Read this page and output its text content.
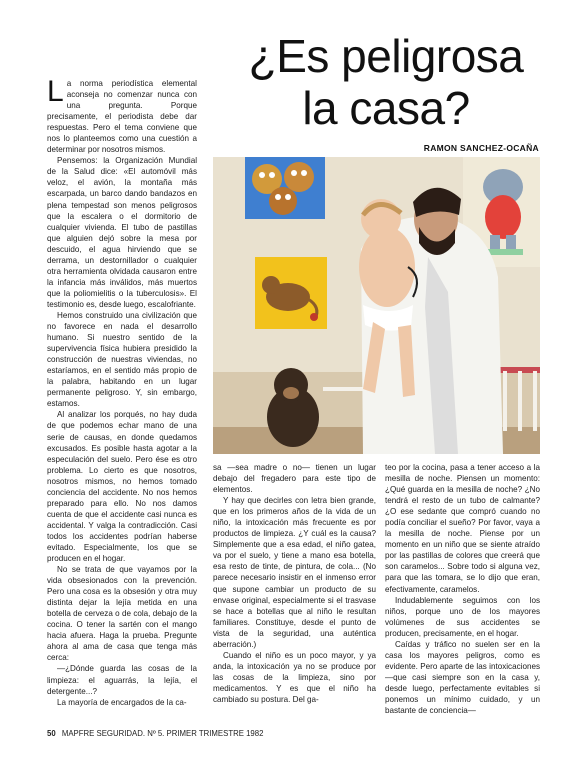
¿Es peligrosa
la casa?
RAMON SANCHEZ-OCAÑA

La norma periodística elemental aconseja no comenzar nunca con una pregunta. Porque precisamente, el periodista debe dar respuestas. Pero el tema conviene que nos lo planteemos como una cuestión a determinar por nosotros mismos.

Pensemos: la Organización Mundial de la Salud dice: «El automóvil más veloz, el avión, la montaña más escarpada, un barco dando bandazos en plena tempestad son menos peligrosos que la escalera o el dormitorio de cualquier vivienda. El tubo de pastillas que alguien dejó sobre la mesa por descuido, el agua hirviendo que se derrama, un destornillador o cualquier otra herramienta olvidada causaron entre la infancia más inválidos, más muertos que la poliomielitis o la tuberculosis». El testimonio es, desde luego, escalofriante.

Hemos construido una civilización que no favorece en nada el desarrollo humano. Si nuestro sentido de la supervivencia física hubiera presidido la construcción de nuestras viviendas, no estaríamos, en el sentido más propio de la palabra, habitando en un lugar permanente peligroso. Y, sin embargo, estamos.

Al analizar los porqués, no hay duda de que podemos echar mano de una serie de causas, en donde quedamos excusados. Es posible hasta agotar a la especulación del suelo. Pero ése es otro problema. Lo cierto es que nosotros, nosotros mismos, no hemos tomado conciencia del accidente. No nos hemos preparado para ello. No nos damos cuenta de que el accidente casi nunca es accidental. Y valga la contradicción. Casi todos los accidentes podrían haberse evitado. Especialmente, los que se producen en el hogar.

No se trata de que vayamos por la vida obsesionados con la prevención. Pero una cosa es la obsesión y otra muy distinta dejar la lejía metida en una botella de cerveza o de cola, debajo de la cocina. O tener la sartén con el mango hacia afuera. Haga la prueba. Pregunte ahora al ama de casa que tenga más cerca:

—¿Dónde guarda las cosas de la limpieza: el aguarrás, la lejía, el detergente...?

La mayoría de encargados de la ca-

sa —sea madre o no— tienen un lugar debajo del fregadero para este tipo de elementos.

Y hay que decirles con letra bien grande, que en los primeros años de la vida de un niño, la intoxicación más frecuente es por productos de limpieza. ¿Y cuál es la causa? Simplemente que a esa edad, el niño gatea, va por el suelo, y tiene a mano esa botella, esa resto de tinte, de pintura, de cola... (No parece necesario insistir en el inmenso error que supone cambiar un producto de su envase original, especialmente si el trasvase se hace a botellas que al niño le resultan familiares. Constituye, desde el punto de vista de la seguridad, una auténtica aberración.)

Cuando el niño es un poco mayor, y ya anda, la intoxicación ya no se produce por las cosas de la limpieza, sino por medicamentos. Y es que el niño ha cambiado su postura. Del ga-

teo por la cocina, pasa a tener acceso a la mesilla de noche. Piensen un momento: ¿Qué guarda en la mesilla de noche? ¿No tendrá el resto de un tubo de calmante? ¿O ese sedante que compró cuando no podía conciliar el sueño? Por favor, vaya a la mesilla de noche. Piense por un momento en un niño que se siente atraído por las pastillas de colores que creerá que son caramelos... Sobre todo si alguna vez, para que las tomara, se lo dijo que eran, efectivamente, caramelos.

Indudablemente seguimos con los niños, porque uno de los mayores volúmenes de sus accidentes se producen, precisamente, en el hogar.

Caídas y tráfico no suelen ser en la casa los mayores peligros, como es evidente. Pero aparte de las intoxicaciones —que casi siempre son en la casa y, desde luego, perfectamente evitables si ponemos un mínimo cuidado, y un bastante de conciencia—

50 MAPFRE SEGURIDAD. Nº 5. PRIMER TRIMESTRE 1982
